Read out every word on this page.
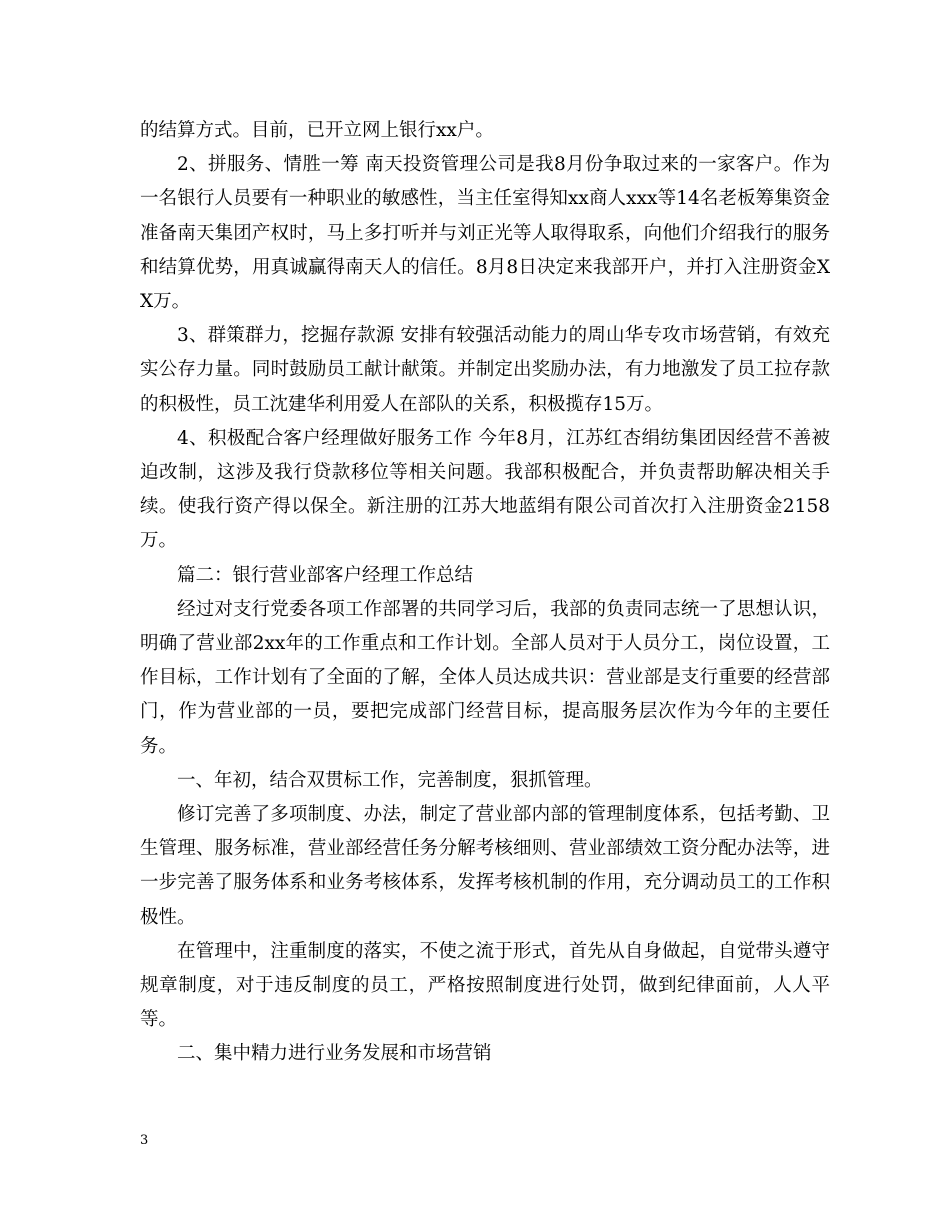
的结算方式。目前，已开立网上银行xx户。

2、拼服务、情胜一筹 南天投资管理公司是我8月份争取过来的一家客户。作为一名银行人员要有一种职业的敏感性，当主任室得知xx商人xxx等14名老板筹集资金准备南天集团产权时，马上多打听并与刘正光等人取得取系，向他们介绍我行的服务和结算优势，用真诚赢得南天人的信任。8月8日决定来我部开户，并打入注册资金XX万。

3、群策群力，挖掘存款源 安排有较强活动能力的周山华专攻市场营销，有效充实公存力量。同时鼓励员工献计献策。并制定出奖励办法，有力地激发了员工拉存款的积极性，员工沈建华利用爱人在部队的关系，积极揽存15万。

4、积极配合客户经理做好服务工作 今年8月，江苏红杏绢纺集团因经营不善被迫改制，这涉及我行贷款移位等相关问题。我部积极配合，并负责帮助解决相关手续。使我行资产得以保全。新注册的江苏大地蓝绢有限公司首次打入注册资金2158万。

篇二：银行营业部客户经理工作总结

经过对支行党委各项工作部署的共同学习后，我部的负责同志统一了思想认识，明确了营业部2xx年的工作重点和工作计划。全部人员对于人员分工，岗位设置，工作目标，工作计划有了全面的了解，全体人员达成共识：营业部是支行重要的经营部门，作为营业部的一员，要把完成部门经营目标，提高服务层次作为今年的主要任务。

一、年初，结合双贯标工作，完善制度，狠抓管理。

修订完善了多项制度、办法，制定了营业部内部的管理制度体系，包括考勤、卫生管理、服务标准，营业部经营任务分解考核细则、营业部绩效工资分配办法等，进一步完善了服务体系和业务考核体系，发挥考核机制的作用，充分调动员工的工作积极性。

在管理中，注重制度的落实，不使之流于形式，首先从自身做起，自觉带头遵守规章制度，对于违反制度的员工，严格按照制度进行处罚，做到纪律面前，人人平等。

二、集中精力进行业务发展和市场营销

3
